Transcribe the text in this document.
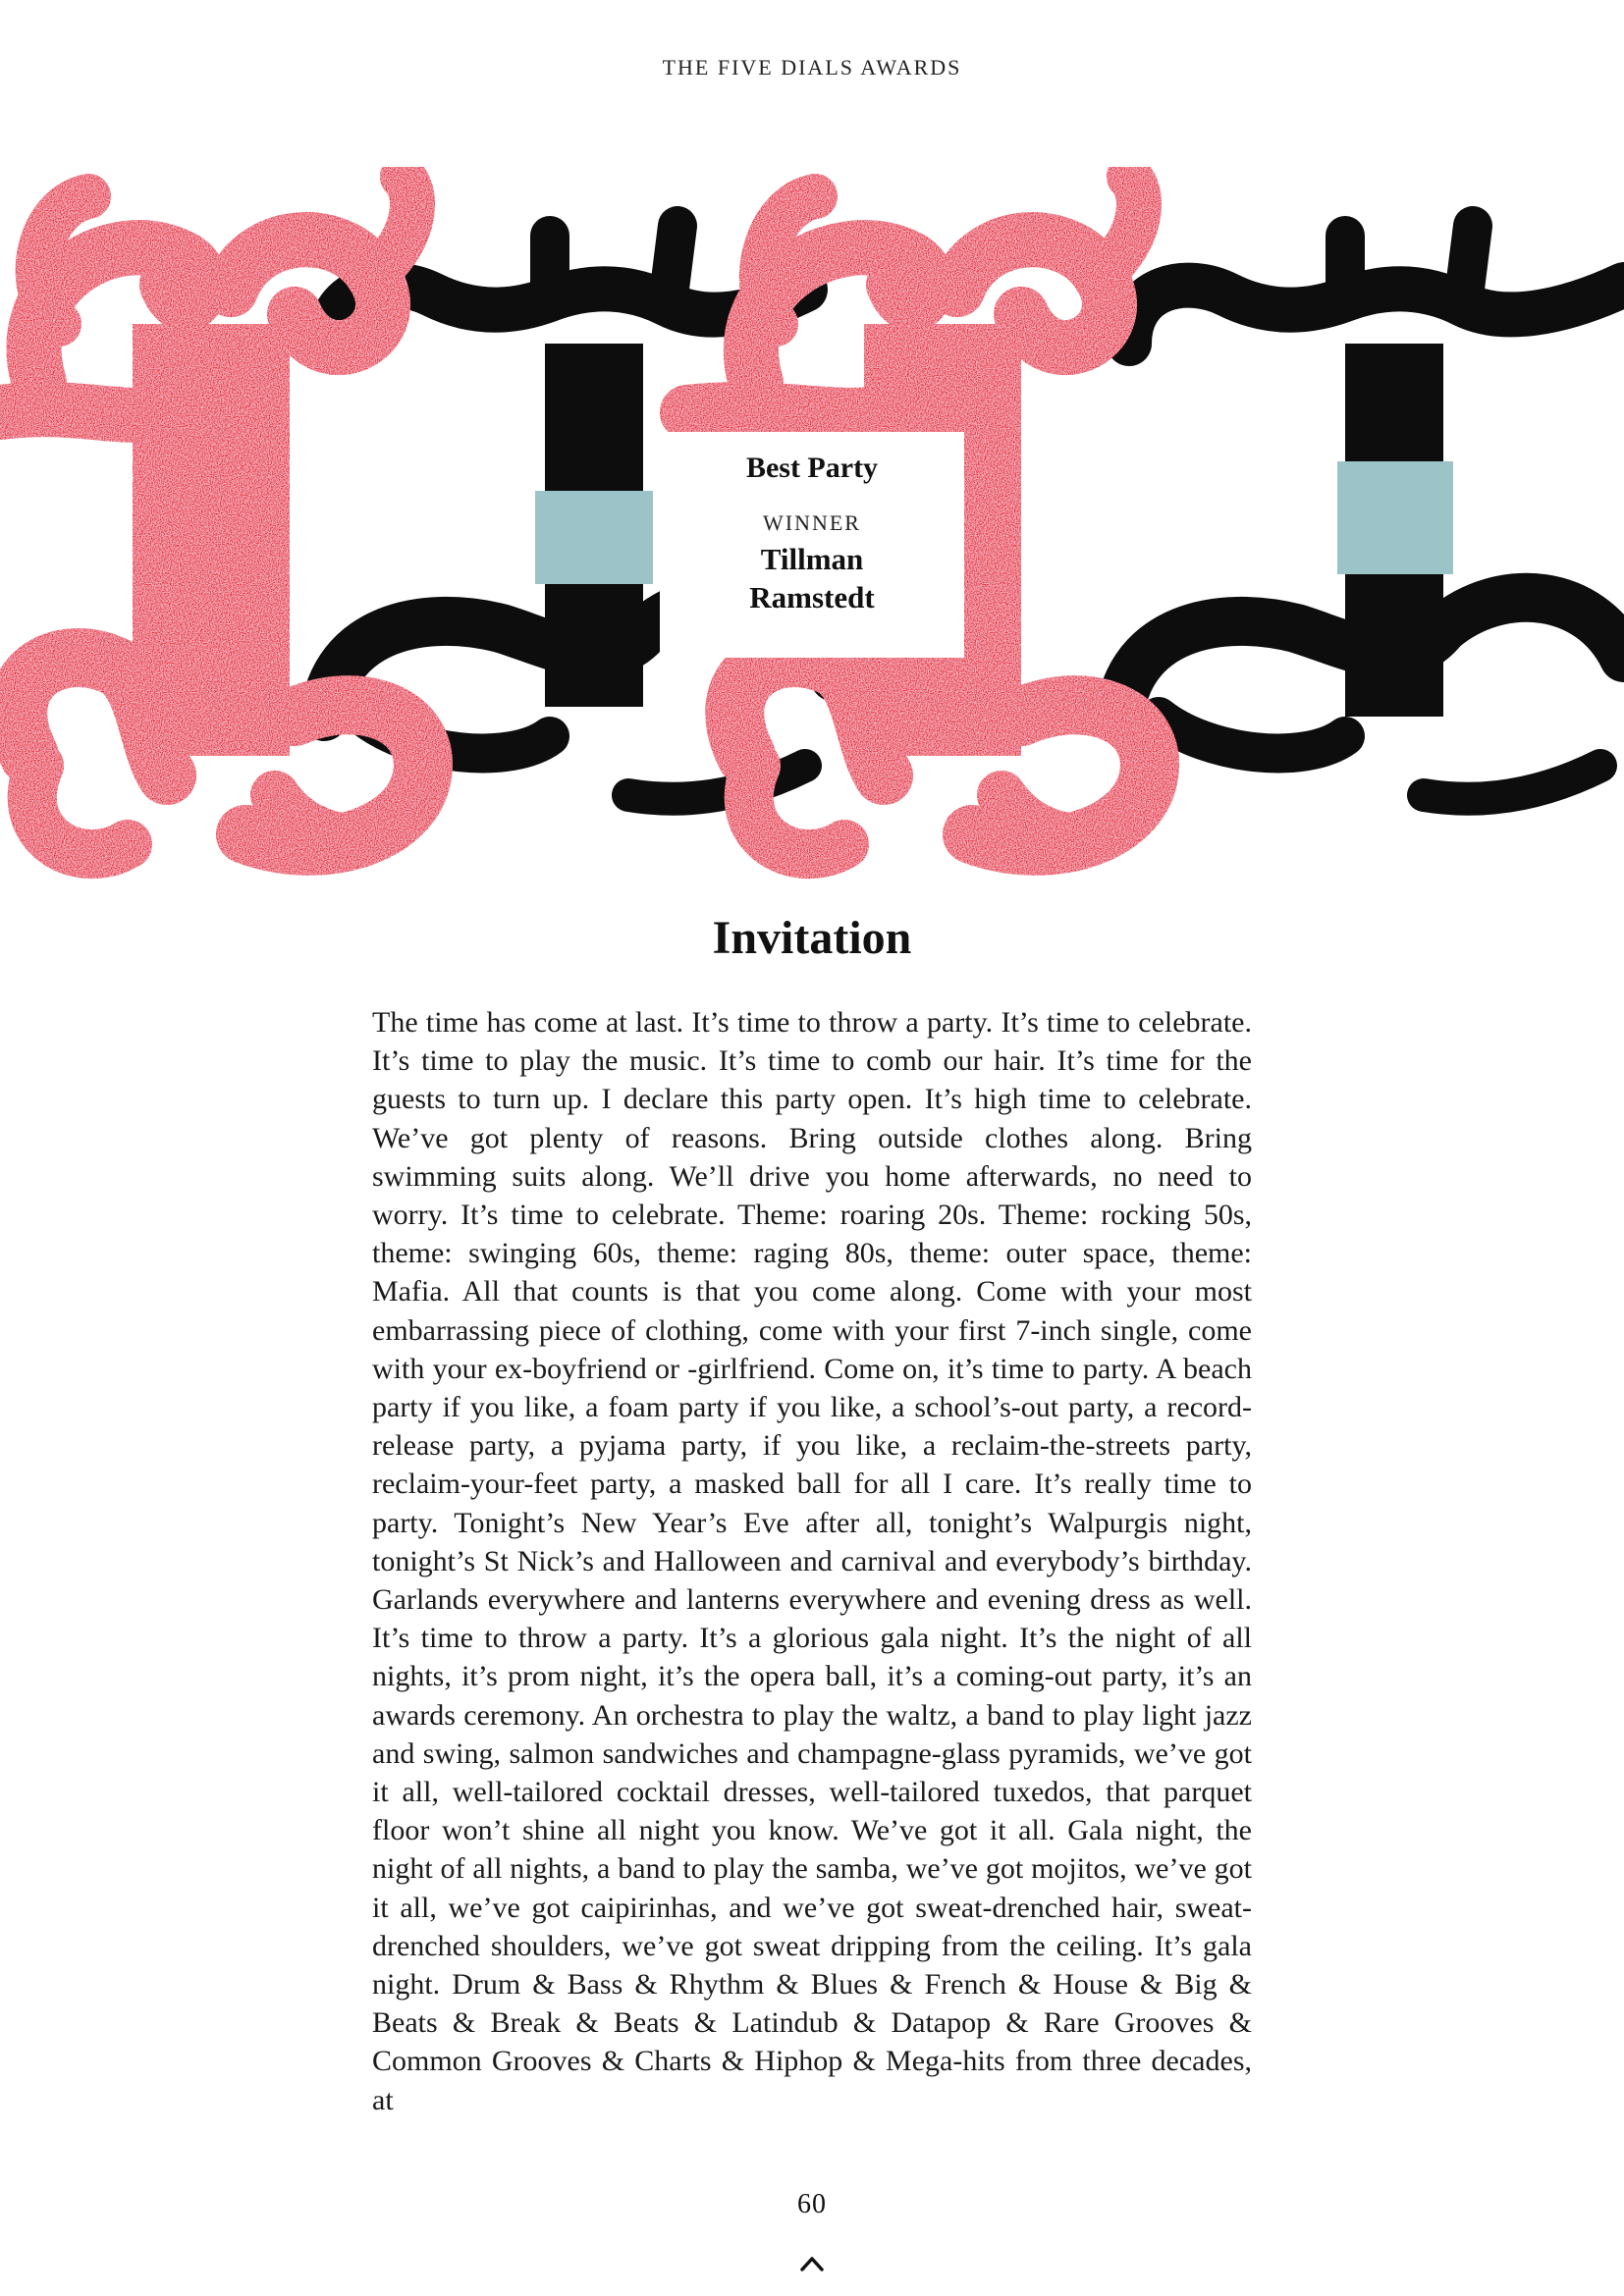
THE FIVE DIALS AWARDS
Best Party
WINNER
Tillman
Ramstedt
Invitation
The time has come at last. It’s time to throw a party. It’s time to celebrate. It’s time to play the music. It’s time to comb our hair. It’s time for the guests to turn up. I declare this party open. It’s high time to celebrate. We’ve got plenty of reasons. Bring outside clothes along. Bring swimming suits along. We’ll drive you home afterwards, no need to worry. It’s time to celebrate. Theme: roaring 20s. Theme: rocking 50s, theme: swinging 60s, theme: raging 80s, theme: outer space, theme: Mafia. All that counts is that you come along. Come with your most embarrassing piece of clothing, come with your first 7-inch single, come with your ex-boyfriend or -girlfriend. Come on, it’s time to party. A beach party if you like, a foam party if you like, a school’s-out party, a record-release party, a pyjama party, if you like, a reclaim-the-streets party, reclaim-your-feet party, a masked ball for all I care. It’s really time to party. Tonight’s New Year’s Eve after all, tonight’s Walpurgis night, tonight’s St Nick’s and Halloween and carnival and everybody’s birthday. Garlands everywhere and lanterns everywhere and evening dress as well. It’s time to throw a party. It’s a glorious gala night. It’s the night of all nights, it’s prom night, it’s the opera ball, it’s a coming-out party, it’s an awards ceremony. An orchestra to play the waltz, a band to play light jazz and swing, salmon sandwiches and champagne-glass pyramids, we’ve got it all, well-tailored cocktail dresses, well-tailored tuxedos, that parquet floor won’t shine all night you know. We’ve got it all. Gala night, the night of all nights, a band to play the samba, we’ve got mojitos, we’ve got it all, we’ve got caipirinhas, and we’ve got sweat-drenched hair, sweat-drenched shoulders, we’ve got sweat dripping from the ceiling. It’s gala night. Drum & Bass & Rhythm & Blues & French & House & Big & Beats & Break & Beats & Latindub & Datapop & Rare Grooves & Common Grooves & Charts & Hiphop & Mega-hits from three decades, at
60
